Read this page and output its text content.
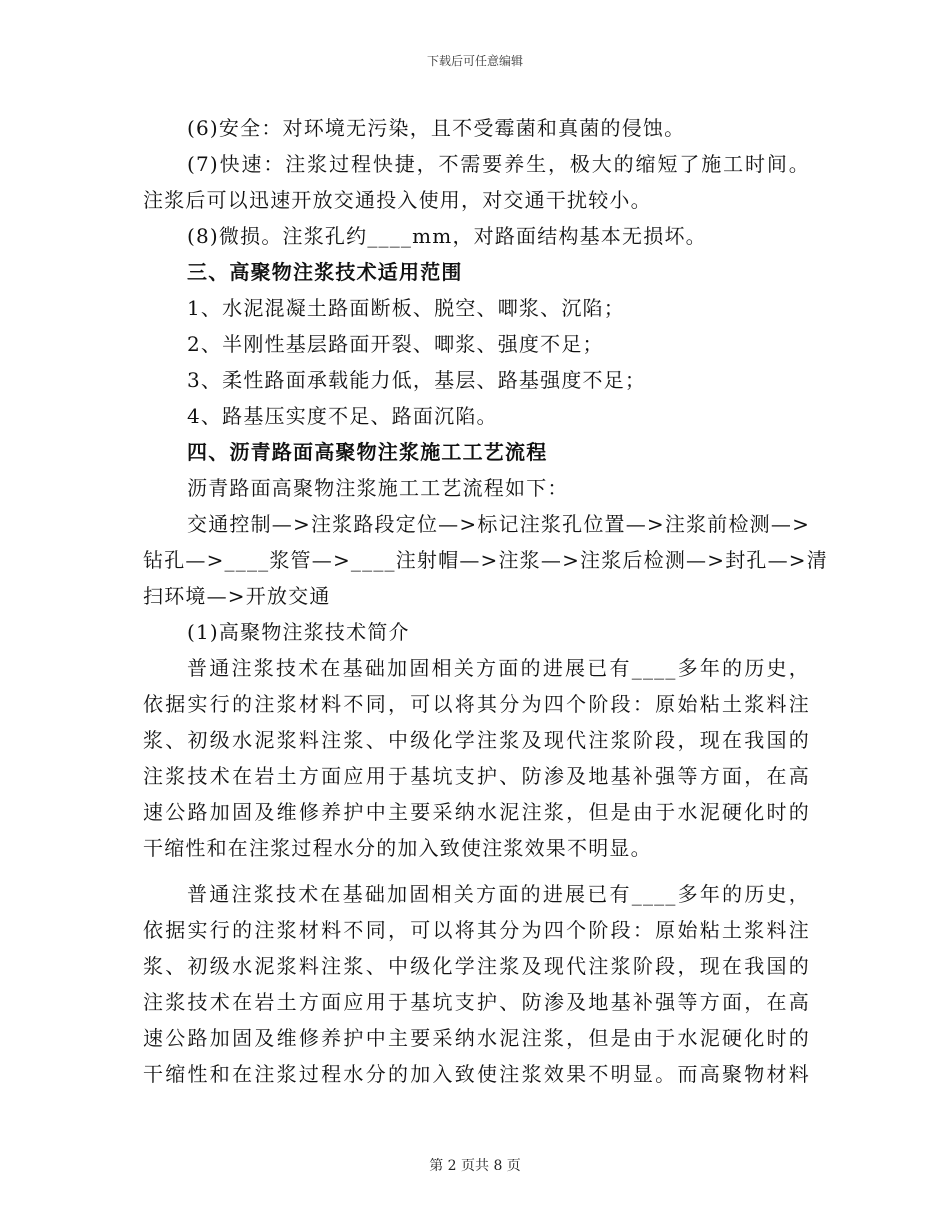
下载后可任意编辑
(6)安全：对环境无污染，且不受霉菌和真菌的侵蚀。
(7)快速：注浆过程快捷，不需要养生，极大的缩短了施工时间。
注浆后可以迅速开放交通投入使用，对交通干扰较小。
(8)微损。注浆孔约____mm，对路面结构基本无损坏。
三、高聚物注浆技术适用范围
1、水泥混凝土路面断板、脱空、唧浆、沉陷；
2、半刚性基层路面开裂、唧浆、强度不足；
3、柔性路面承载能力低，基层、路基强度不足；
4、路基压实度不足、路面沉陷。
四、沥青路面高聚物注浆施工工艺流程
沥青路面高聚物注浆施工工艺流程如下：
交通控制—>注浆路段定位—>标记注浆孔位置—>注浆前检测—>
钻孔—>____浆管—>____注射帽—>注浆—>注浆后检测—>封孔—>清
扫环境—>开放交通
(1)高聚物注浆技术简介
普通注浆技术在基础加固相关方面的进展已有____多年的历史，
依据实行的注浆材料不同，可以将其分为四个阶段：原始粘土浆料注
浆、初级水泥浆料注浆、中级化学注浆及现代注浆阶段，现在我国的
注浆技术在岩土方面应用于基坑支护、防渗及地基补强等方面，在高
速公路加固及维修养护中主要采纳水泥注浆，但是由于水泥硬化时的
干缩性和在注浆过程水分的加入致使注浆效果不明显。
普通注浆技术在基础加固相关方面的进展已有____多年的历史，
依据实行的注浆材料不同，可以将其分为四个阶段：原始粘土浆料注
浆、初级水泥浆料注浆、中级化学注浆及现代注浆阶段，现在我国的
注浆技术在岩土方面应用于基坑支护、防渗及地基补强等方面，在高
速公路加固及维修养护中主要采纳水泥注浆，但是由于水泥硬化时的
干缩性和在注浆过程水分的加入致使注浆效果不明显。而高聚物材料
第 2 页共 8 页
